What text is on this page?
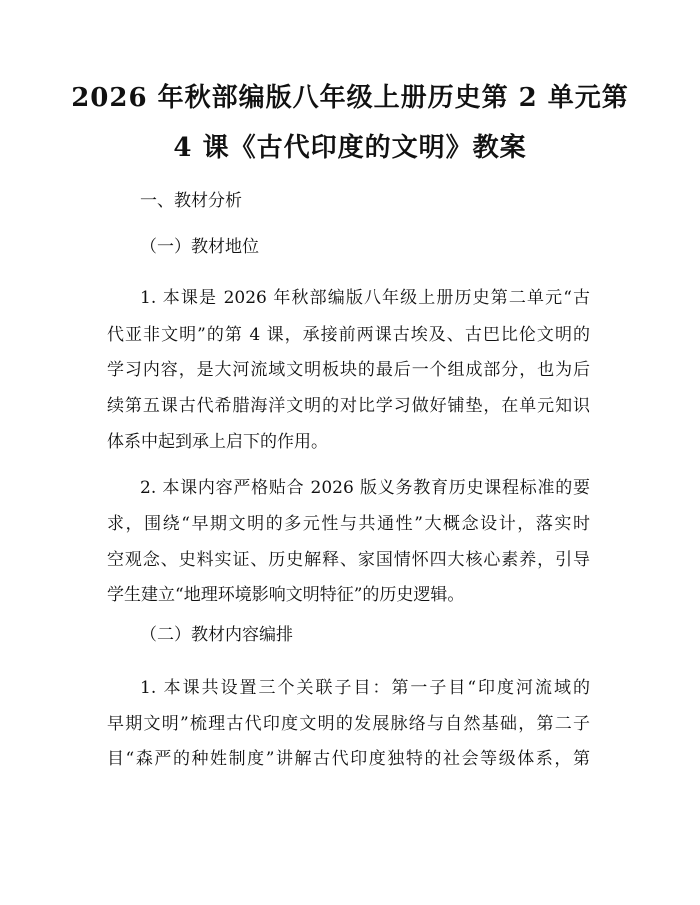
2026 年秋部编版八年级上册历史第 2 单元第
4 课《古代印度的文明》教案
一、教材分析
（一）教材地位
1. 本课是 2026 年秋部编版八年级上册历史第二单元“古
代亚非文明”的第 4 课，承接前两课古埃及、古巴比伦文明的
学习内容，是大河流域文明板块的最后一个组成部分，也为后
续第五课古代希腊海洋文明的对比学习做好铺垫，在单元知识
体系中起到承上启下的作用。
2. 本课内容严格贴合 2026 版义务教育历史课程标准的要
求，围绕“早期文明的多元性与共通性”大概念设计，落实时
空观念、史料实证、历史解释、家国情怀四大核心素养，引导
学生建立“地理环境影响文明特征”的历史逻辑。
（二）教材内容编排
1. 本课共设置三个关联子目：第一子目“印度河流域的
早期文明”梳理古代印度文明的发展脉络与自然基础，第二子
目“森严的种姓制度”讲解古代印度独特的社会等级体系，第
